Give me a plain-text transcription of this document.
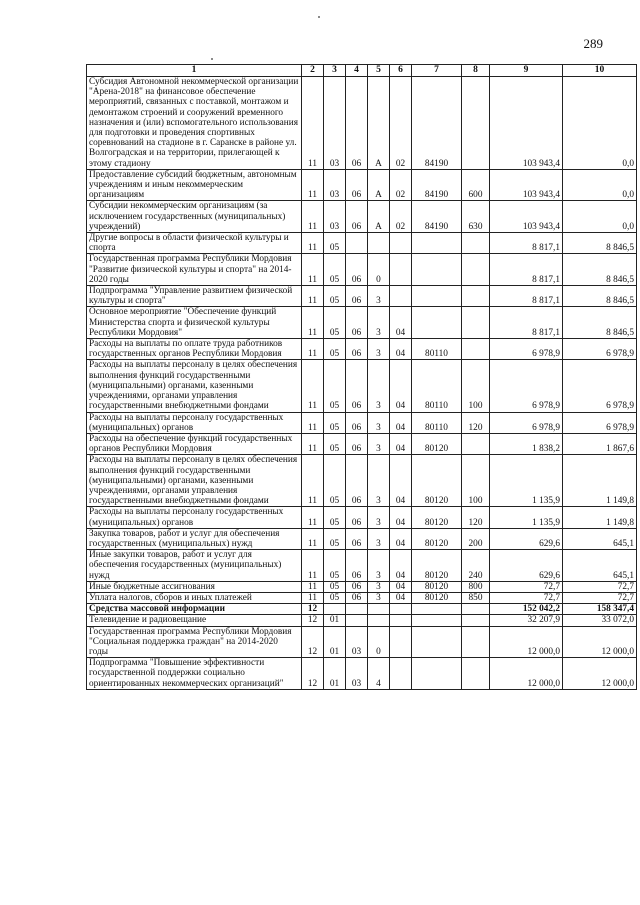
289
1	2	3	4	5	6	7	8	9	10
Субсидия Автономной некоммерческой организации "Арена-2018" на финансовое обеспечение мероприятий, связанных с поставкой, монтажом и демонтажом строений и сооружений временного назначения и (или) вспомогательного использования для подготовки и проведения спортивных соревнований на стадионе в г. Саранске в районе ул. Волгоградская и на территории, прилегающей к этому стадиону	11	03	06	А	02	84190		103 943,4	0,0
Предоставление субсидий бюджетным, автономным учреждениям и иным некоммерческим организациям	11	03	06	А	02	84190	600	103 943,4	0,0
Субсидии некоммерческим организациям (за исключением государственных (муниципальных) учреждений)	11	03	06	А	02	84190	630	103 943,4	0,0
Другие вопросы в области физической культуры и спорта	11	05						8 817,1	8 846,5
Государственная программа Республики Мордовия "Развитие физической культуры и спорта" на 2014-2020 годы	11	05	06	0				8 817,1	8 846,5
Подпрограмма "Управление развитием физической культуры и спорта"	11	05	06	3				8 817,1	8 846,5
Основное мероприятие "Обеспечение функций Министерства спорта и физической культуры Республики Мордовия"	11	05	06	3	04			8 817,1	8 846,5
Расходы на выплаты по оплате труда работников государственных органов Республики Мордовия	11	05	06	3	04	80110		6 978,9	6 978,9
Расходы на выплаты персоналу в целях обеспечения выполнения функций государственными (муниципальными) органами, казенными учреждениями, органами управления государственными внебюджетными фондами	11	05	06	3	04	80110	100	6 978,9	6 978,9
Расходы на выплаты персоналу государственных (муниципальных) органов	11	05	06	3	04	80110	120	6 978,9	6 978,9
Расходы на обеспечение функций государственных органов Республики Мордовия	11	05	06	3	04	80120		1 838,2	1 867,6
Расходы на выплаты персоналу в целях обеспечения выполнения функций государственными (муниципальными) органами, казенными учреждениями, органами управления государственными внебюджетными фондами	11	05	06	3	04	80120	100	1 135,9	1 149,8
Расходы на выплаты персоналу государственных (муниципальных) органов	11	05	06	3	04	80120	120	1 135,9	1 149,8
Закупка товаров, работ и услуг для обеспечения государственных (муниципальных) нужд	11	05	06	3	04	80120	200	629,6	645,1
Иные закупки товаров, работ и услуг для обеспечения государственных (муниципальных) нужд	11	05	06	3	04	80120	240	629,6	645,1
Иные бюджетные ассигнования	11	05	06	3	04	80120	800	72,7	72,7
Уплата налогов, сборов и иных платежей	11	05	06	3	04	80120	850	72,7	72,7
Средства массовой информации	12							152 042,2	158 347,4
Телевидение и радиовещание	12	01						32 207,9	33 072,0
Государственная программа Республики Мордовия "Социальная поддержка граждан" на 2014-2020 годы	12	01	03	0				12 000,0	12 000,0
Подпрограмма "Повышение эффективности государственной поддержки социально ориентированных некоммерческих организаций"	12	01	03	4				12 000,0	12 000,0
